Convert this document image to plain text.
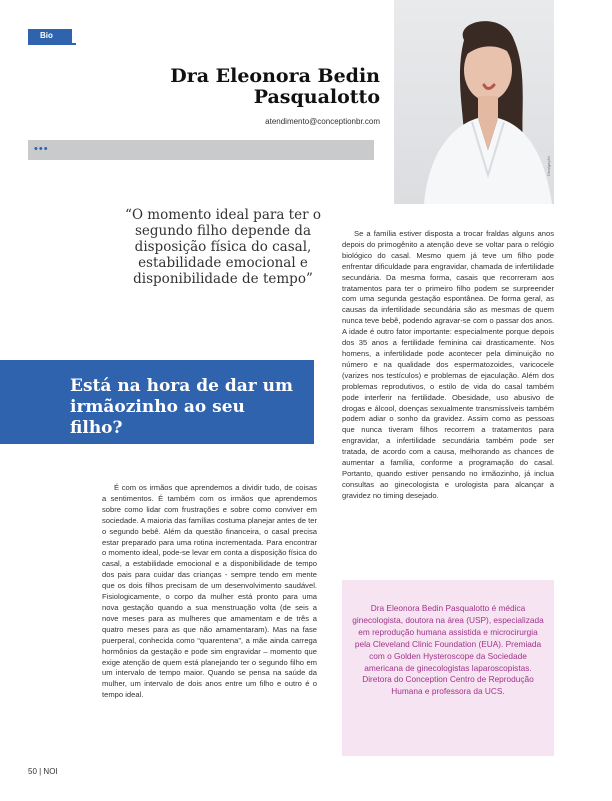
Bio
Dra Eleonora Bedin Pasqualotto
atendimento@conceptionbr.com
Divulgação
•••
“O momento ideal para ter o segundo filho depende da disposição física do casal, estabilidade emocional e disponibilidade de tempo”
Está na hora de dar um irmãozinho ao seu filho?

É com os irmãos que aprendemos a dividir tudo, de coisas a sentimentos. É também com os irmãos que aprendemos sobre como lidar com frustrações e sobre como conviver em sociedade. A maioria das famílias costuma planejar antes de ter o segundo bebê. Além da questão financeira, o casal precisa estar preparado para uma rotina incrementada. Para encontrar o momento ideal, pode-se levar em conta a disposição física do casal, a estabilidade emocional e a disponibilidade de tempo dos pais para cuidar das crianças - sempre tendo em mente que os dois filhos precisam de um desenvolvimento saudável. Fisiologicamente, o corpo da mulher está pronto para uma nova gestação quando a sua menstruação volta (de seis a nove meses para as mulheres que amamentam e de três a quatro meses para as que não amamentaram). Mas na fase puerperal, conhecida como “quarentena”, a mãe ainda carrega hormônios da gestação e pode sim engravidar – momento que exige atenção de quem está planejando ter o segundo filho em um intervalo de tempo maior. Quando se pensa na saúde da mulher, um intervalo de dois anos entre um filho e outro é o tempo ideal.

Se a família estiver disposta a trocar fraldas alguns anos depois do primogênito a atenção deve se voltar para o relógio biológico do casal. Mesmo quem já teve um filho pode enfrentar dificuldade para engravidar, chamada de infertilidade secundária. Da mesma forma, casais que recorreram aos tratamentos para ter o primeiro filho podem se surpreender com uma segunda gestação espontânea. De forma geral, as causas da infertilidade secundária são as mesmas de quem nunca teve bebê, podendo agravar-se com o passar dos anos. A idade é outro fator importante: especialmente porque depois dos 35 anos a fertilidade feminina cai drasticamente. Nos homens, a infertilidade pode acontecer pela diminuição no número e na qualidade dos espermatozoides, varicocele (varizes nos testículos) e problemas de ejaculação. Além dos problemas reprodutivos, o estilo de vida do casal também pode interferir na fertilidade. Obesidade, uso abusivo de drogas e álcool, doenças sexualmente transmissíveis também podem adiar o sonho da gravidez. Assim como as pessoas que nunca tiveram filhos recorrem a tratamentos para engravidar, a infertilidade secundária também pode ser tratada, de acordo com a causa, melhorando as chances de aumentar a família, conforme a programação do casal. Portanto, quando estiver pensando no irmãozinho, já inclua consultas ao ginecologista e urologista para alcançar a gravidez no timing desejado.

Dra Eleonora Bedin Pasqualotto é médica ginecologista, doutora na área (USP), especializada em reprodução humana assistida e microcirurgia pela Cleveland Clinic Foundation (EUA). Premiada com o Golden Hysteroscope da Sociedade americana de ginecologistas laparoscopistas. Diretora do Conception Centro de Reprodução Humana e professora da UCS.
50 | NOI
